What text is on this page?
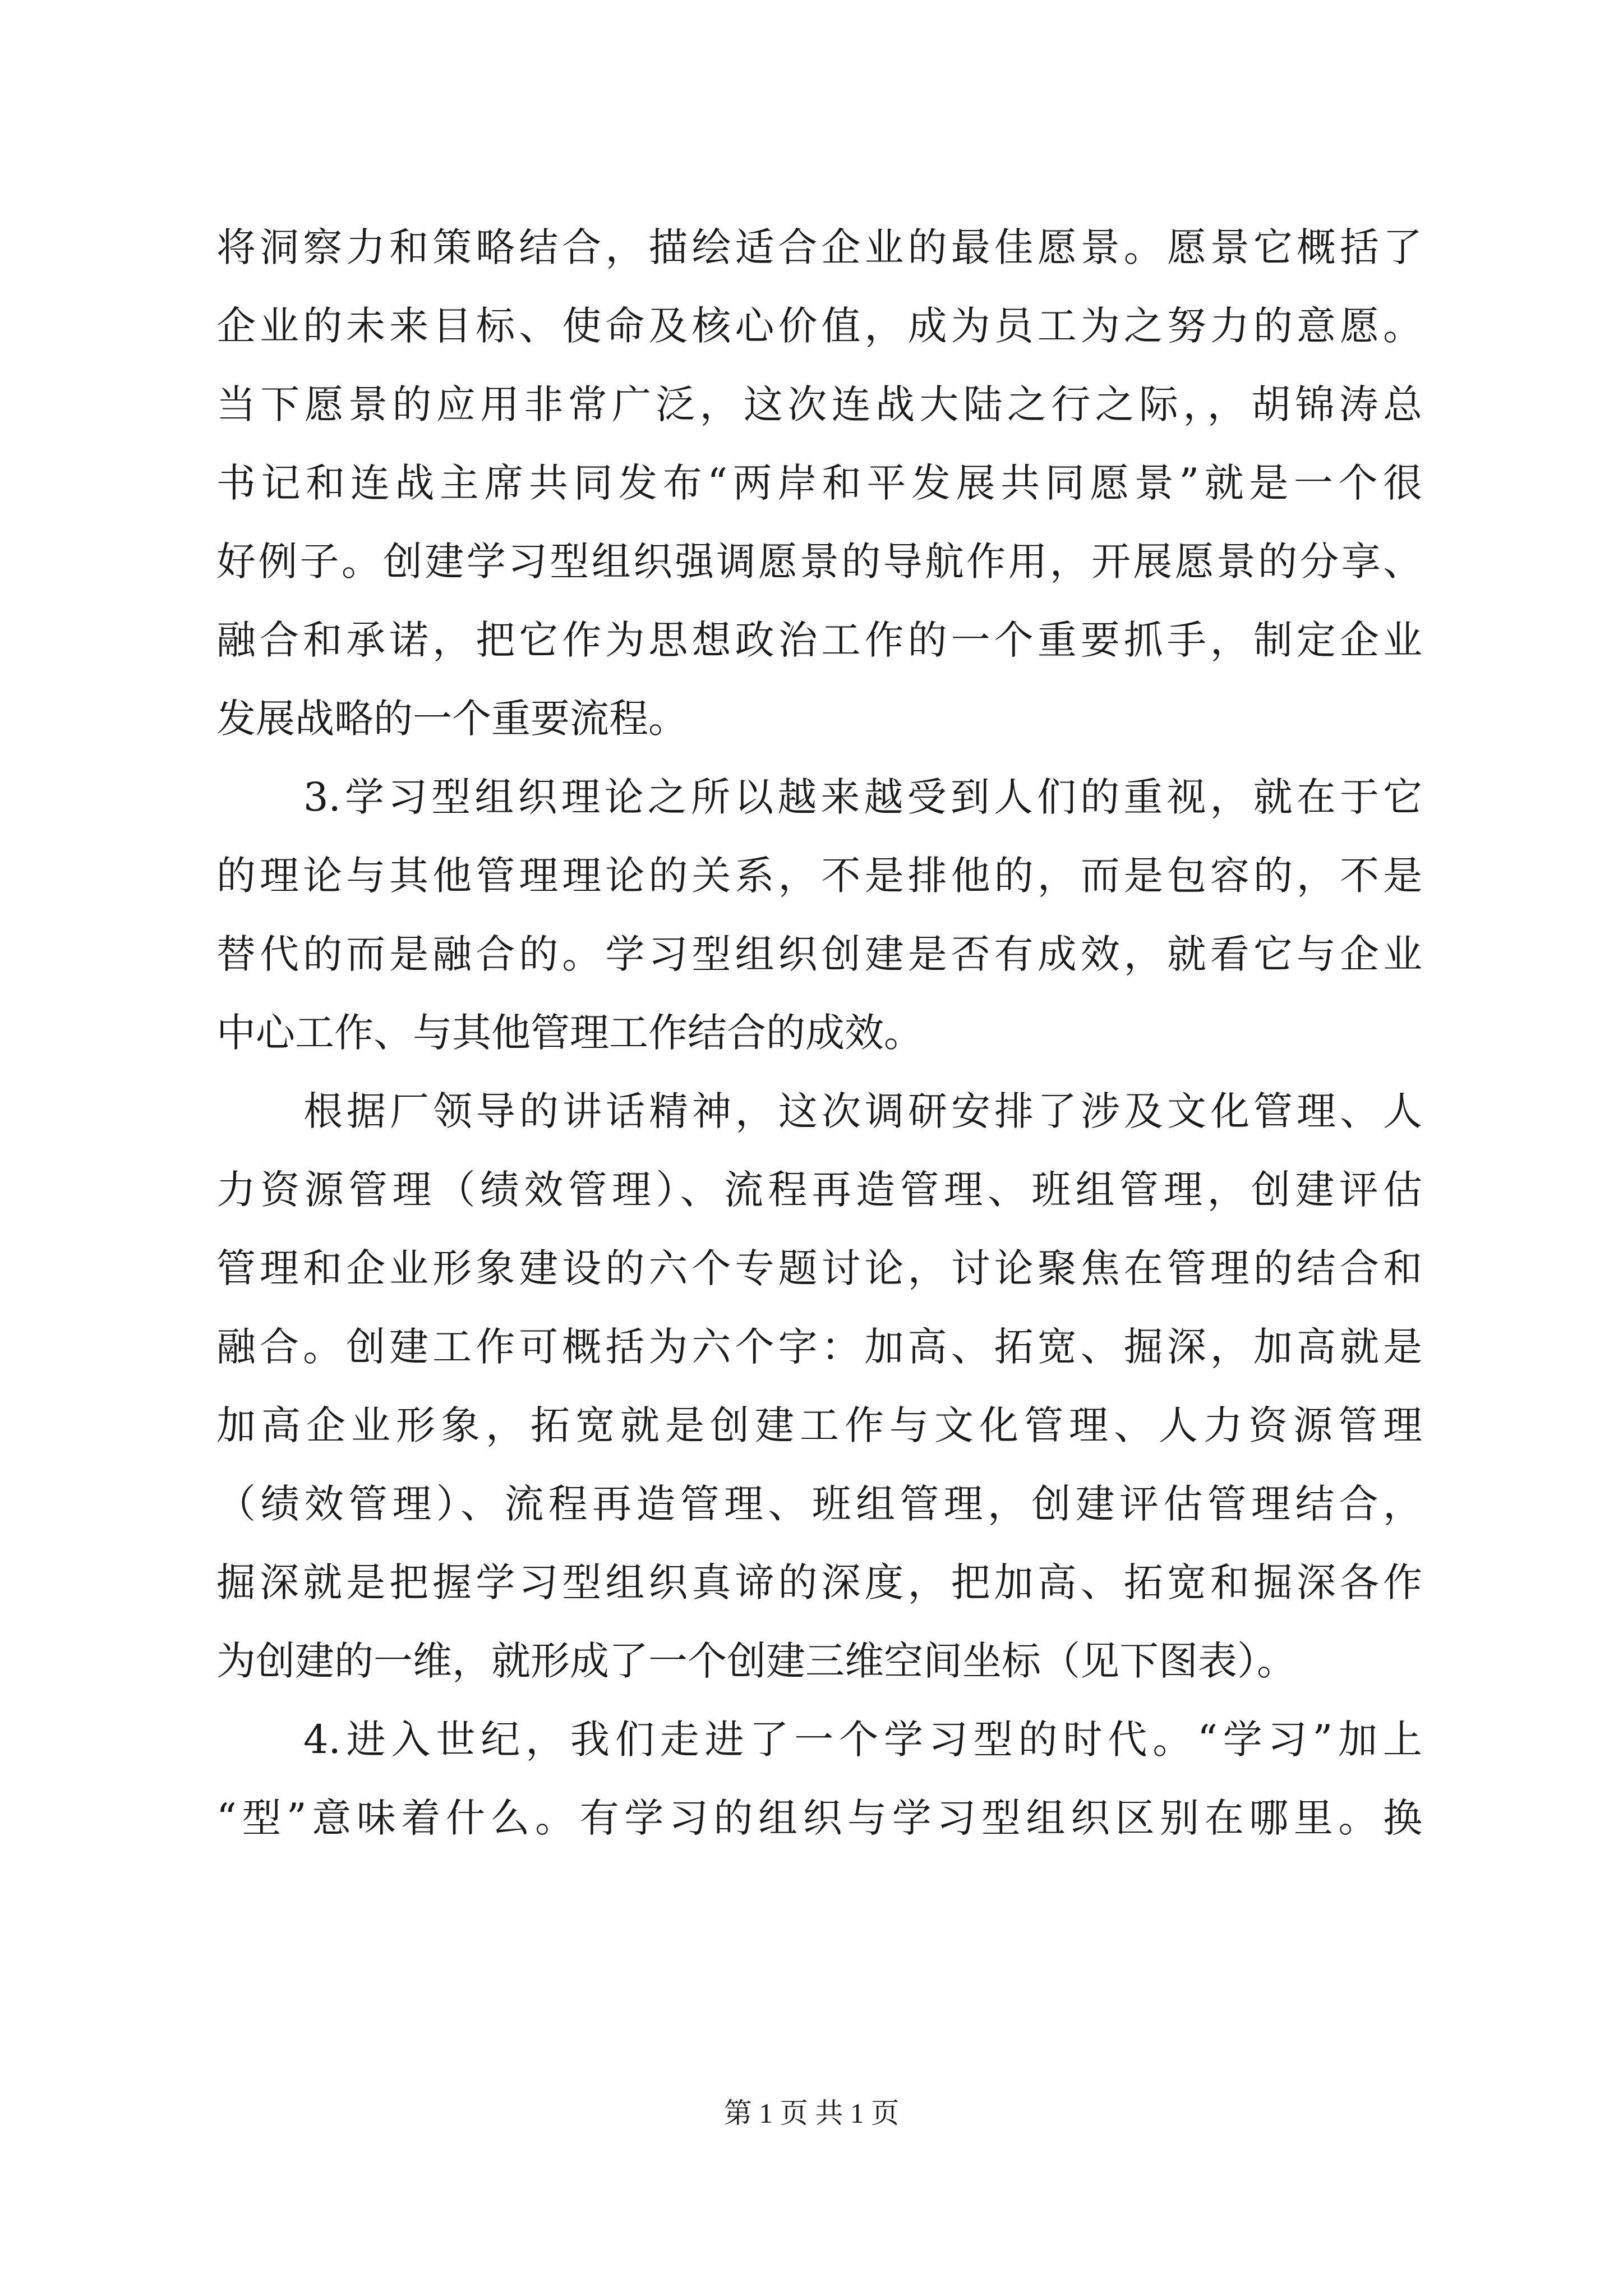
将洞察力和策略结合，描绘适合企业的最佳愿景。愿景它概括了
企业的未来目标、使命及核心价值，成为员工为之努力的意愿。
当下愿景的应用非常广泛，这次连战大陆之行之际，，胡锦涛总
书记和连战主席共同发布“两岸和平发展共同愿景”就是一个很
好例子。创建学习型组织强调愿景的导航作用，开展愿景的分享、
融合和承诺，把它作为思想政治工作的一个重要抓手，制定企业
发展战略的一个重要流程。
3.学习型组织理论之所以越来越受到人们的重视，就在于它
的理论与其他管理理论的关系，不是排他的，而是包容的，不是
替代的而是融合的。学习型组织创建是否有成效，就看它与企业
中心工作、与其他管理工作结合的成效。
根据厂领导的讲话精神，这次调研安排了涉及文化管理、人
力资源管理（绩效管理）、流程再造管理、班组管理，创建评估
管理和企业形象建设的六个专题讨论，讨论聚焦在管理的结合和
融合。创建工作可概括为六个字：加高、拓宽、掘深，加高就是
加高企业形象，拓宽就是创建工作与文化管理、人力资源管理
（绩效管理）、流程再造管理、班组管理，创建评估管理结合，
掘深就是把握学习型组织真谛的深度，把加高、拓宽和掘深各作
为创建的一维，就形成了一个创建三维空间坐标（见下图表）。
4.进入世纪，我们走进了一个学习型的时代。“学习”加上
“型”意味着什么。有学习的组织与学习型组织区别在哪里。换
第 1 页 共 1 页
